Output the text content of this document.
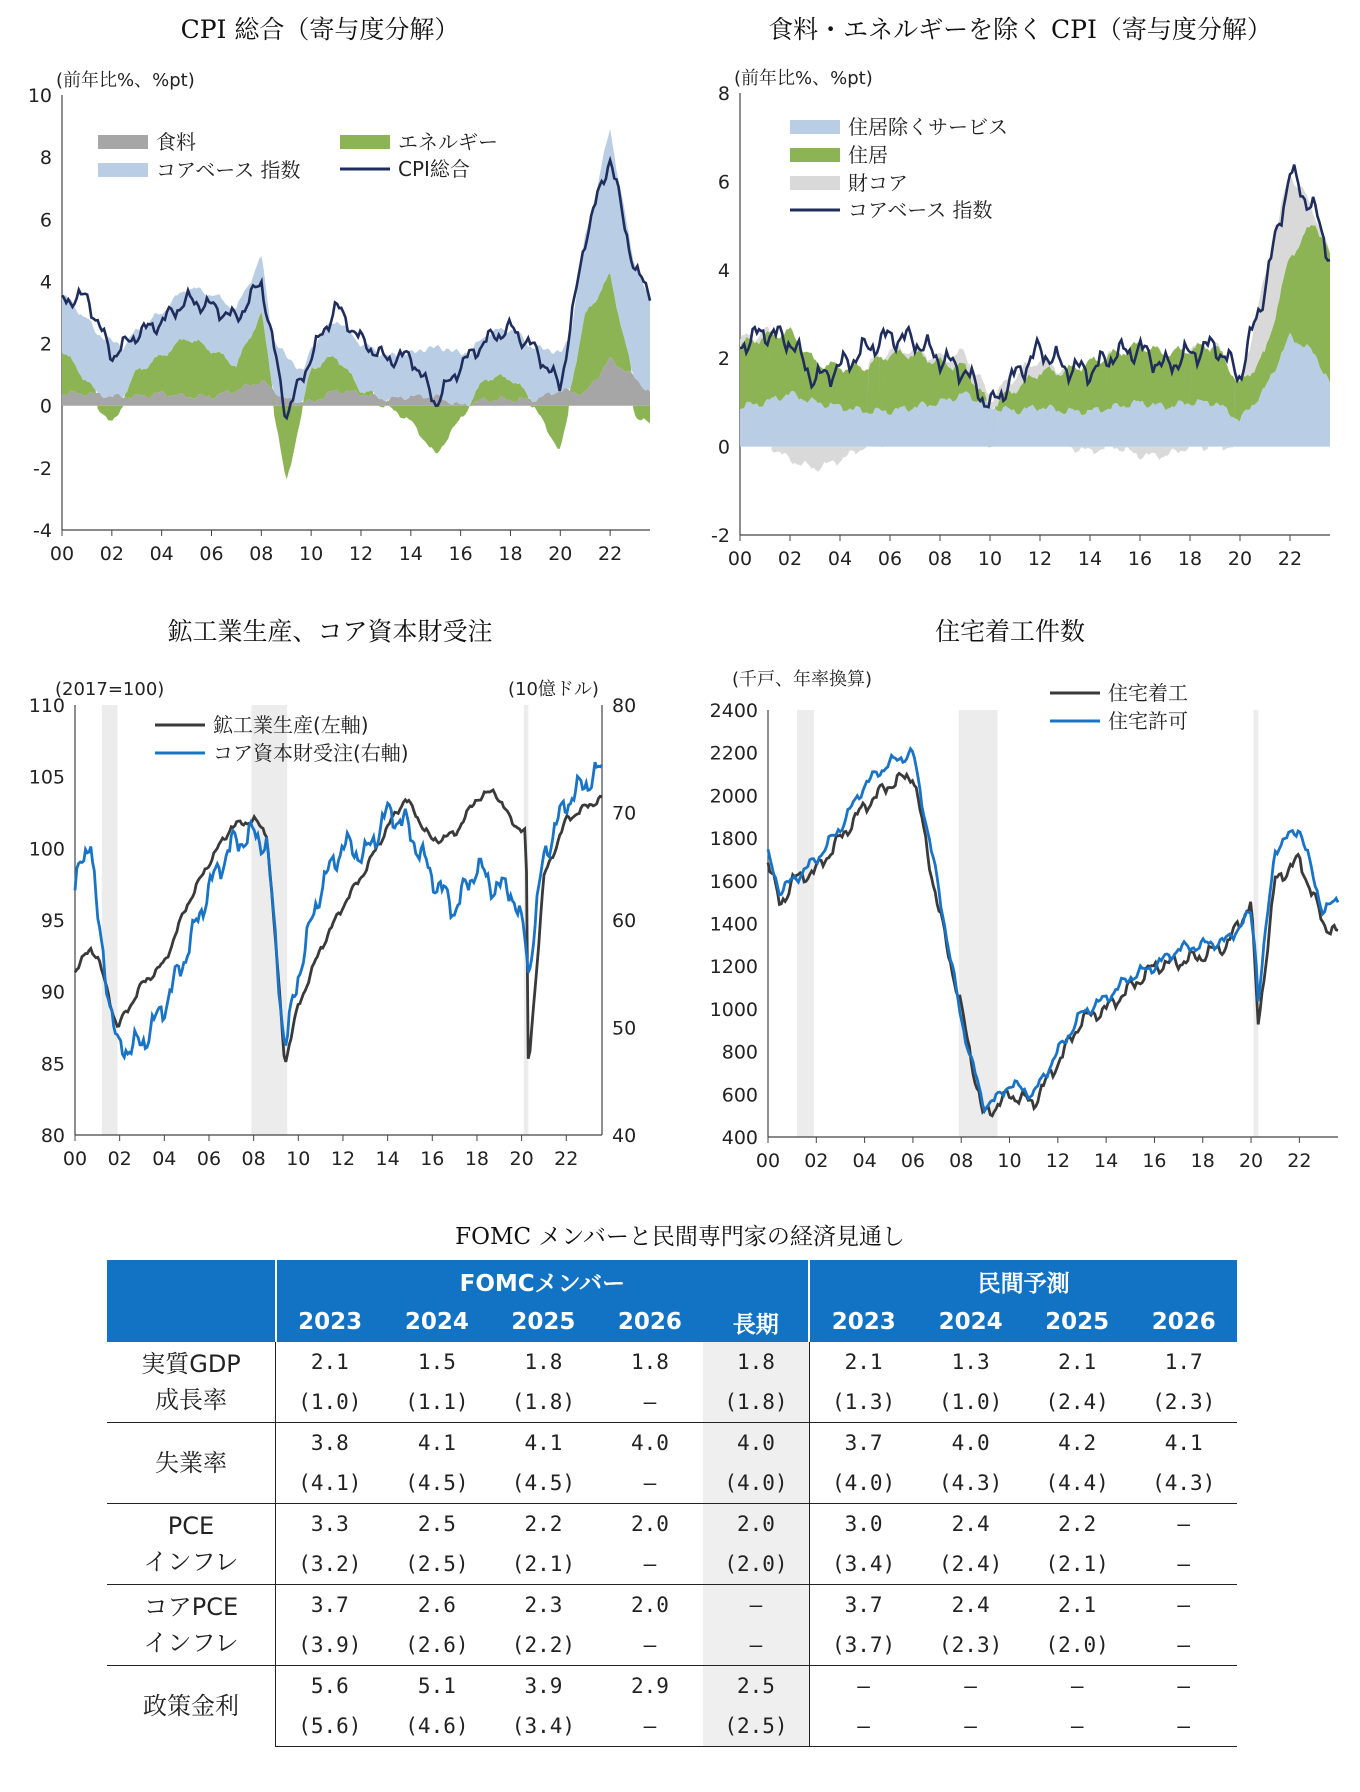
CPI 総合（寄与度分解）
10
8
6
4
2
0
-2
-4
00 02 04 06 08 10 12 14 16 18 20 22
(前年比%、%pt)
食料	エネルギー
コアベース 指数	CPI総合
食料・エネルギーを除く CPI（寄与度分解）
8
6
4
2
0
-2
00 02 04 06 08 10 12 14 16 18 20 22
(前年比%、%pt)
住居除くサービス
住居
財コア
コアベース 指数
鉱工業生産、コア資本財受注
110
105
100
95
90
85
80
80
70
60
50
40
00 02 04 06 08 10 12 14 16 18 20 22
(2017=100)	(10億ドル)
鉱工業生産(左軸)
コア資本財受注(右軸)
住宅着工件数
2400
2200
2000
1800
1600
1400
1200
1000
800
600
400
00 02 04 06 08 10 12 14 16 18 20 22
(千戸、年率換算)
住宅着工
住宅許可
FOMC メンバーと民間専門家の経済見通し
	FOMCメンバー					民間予測			
	2023	2024	2025	2026	長期	2023	2024	2025	2026

実質GDP
成長率	2.1	1.5	1.8	1.8	1.8	2.1	1.3	2.1	1.7
	(1.0)	(1.1)	(1.8)	–	(1.8)	(1.3)	(1.0)	(2.4)	(2.3)

失業率	3.8	4.1	4.1	4.0	4.0	3.7	4.0	4.2	4.1
	(4.1)	(4.5)	(4.5)	–	(4.0)	(4.0)	(4.3)	(4.4)	(4.3)

PCE
インフレ	3.3	2.5	2.2	2.0	2.0	3.0	2.4	2.2	–
	(3.2)	(2.5)	(2.1)	–	(2.0)	(3.4)	(2.4)	(2.1)	–

コアPCE
インフレ	3.7	2.6	2.3	2.0	–	3.7	2.4	2.1	–
	(3.9)	(2.6)	(2.2)	–	–	(3.7)	(2.3)	(2.0)	–

政策金利	5.6	5.1	3.9	2.9	2.5	–	–	–	–
	(5.6)	(4.6)	(3.4)	–	(2.5)	–	–	–	–
